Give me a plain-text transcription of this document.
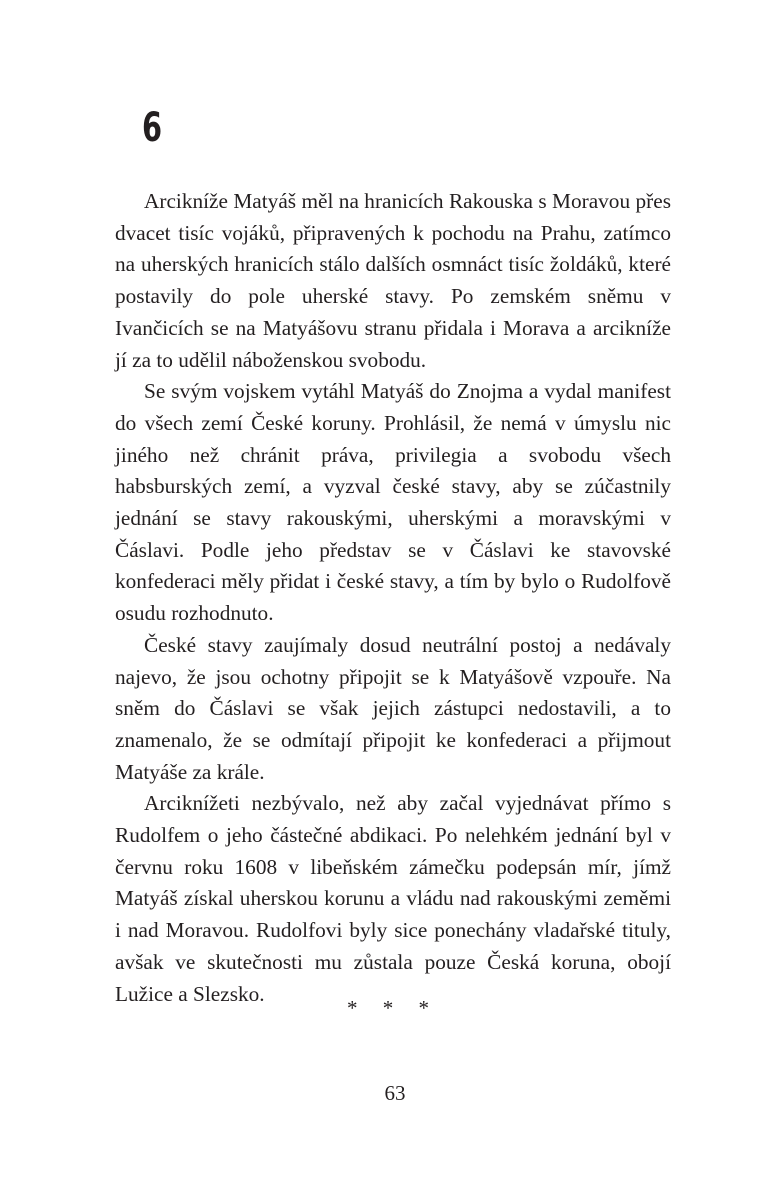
6

Arcikníže Matyáš měl na hranicích Rakouska s Moravou přes dvacet tisíc vojáků, připravených k pochodu na Prahu, zatímco na uherských hranicích stálo dalších osmnáct tisíc žoldáků, které postavily do pole uherské stavy. Po zemském sněmu v Ivančicích se na Matyášovu stranu přidala i Morava a arcikníže jí za to udělil náboženskou svobodu.

Se svým vojskem vytáhl Matyáš do Znojma a vydal manifest do všech zemí České koruny. Prohlásil, že nemá v úmyslu nic jiného než chránit práva, privilegia a svobodu všech habsburských zemí, a vyzval české stavy, aby se zúčastnily jednání se stavy rakouskými, uherskými a moravskými v Čáslavi. Podle jeho představ se v Čáslavi ke stavovské konfederaci měly přidat i české stavy, a tím by bylo o Rudolfově osudu rozhodnuto.

České stavy zaujímaly dosud neutrální postoj a nedávaly najevo, že jsou ochotny připojit se k Matyášově vzpouře. Na sněm do Čáslavi se však jejich zástupci nedostavili, a to znamenalo, že se odmítají připojit ke konfederaci a přijmout Matyáše za krále.

Arciknížeti nezbývalo, než aby začal vyjednávat přímo s Rudolfem o jeho částečné abdikaci. Po nelehkém jednání byl v červnu roku 1608 v libeňském zámečku podepsán mír, jímž Matyáš získal uherskou korunu a vládu nad rakouskými zeměmi i nad Moravou. Rudolfovi byly sice ponechány vladařské tituly, avšak ve skutečnosti mu zůstala pouze Česká koruna, obojí Lužice a Slezsko.

* * *
63
